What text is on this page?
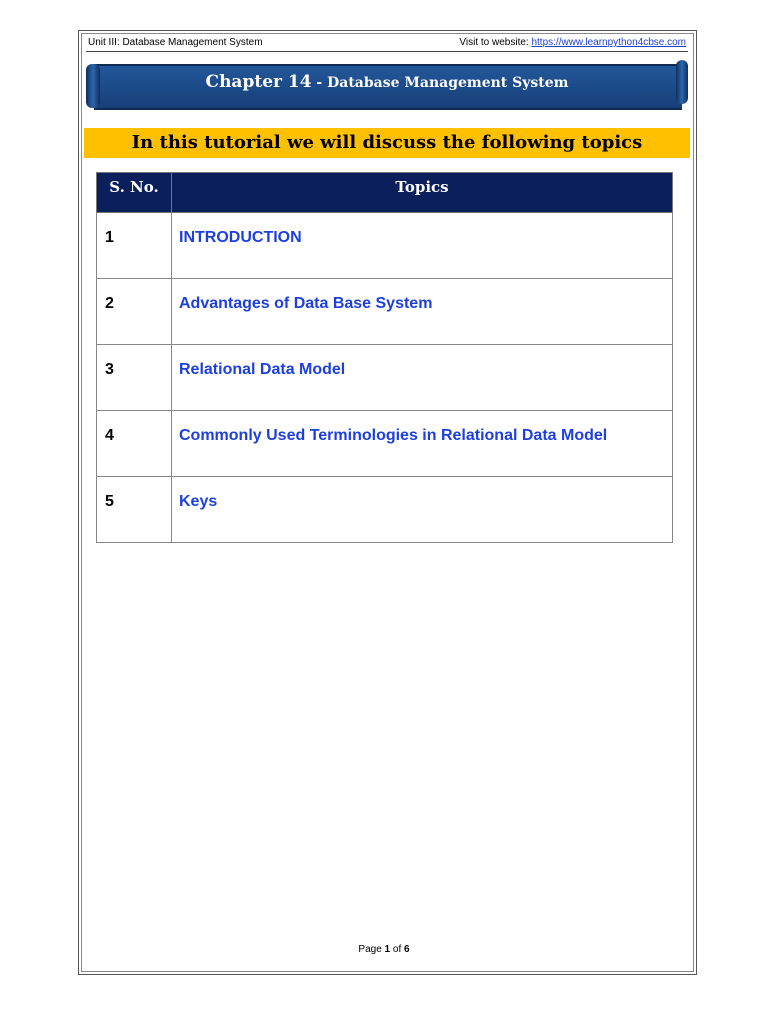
Unit III: Database Management System	Visit to website: https://www.learnpython4cbse.com
Chapter 14 - Database Management System
In this tutorial we will discuss the following topics
S. No.	Topics
1	INTRODUCTION
2	Advantages of Data Base System
3	Relational Data Model
4	Commonly Used Terminologies in Relational Data Model
5	Keys
Page 1 of 6
